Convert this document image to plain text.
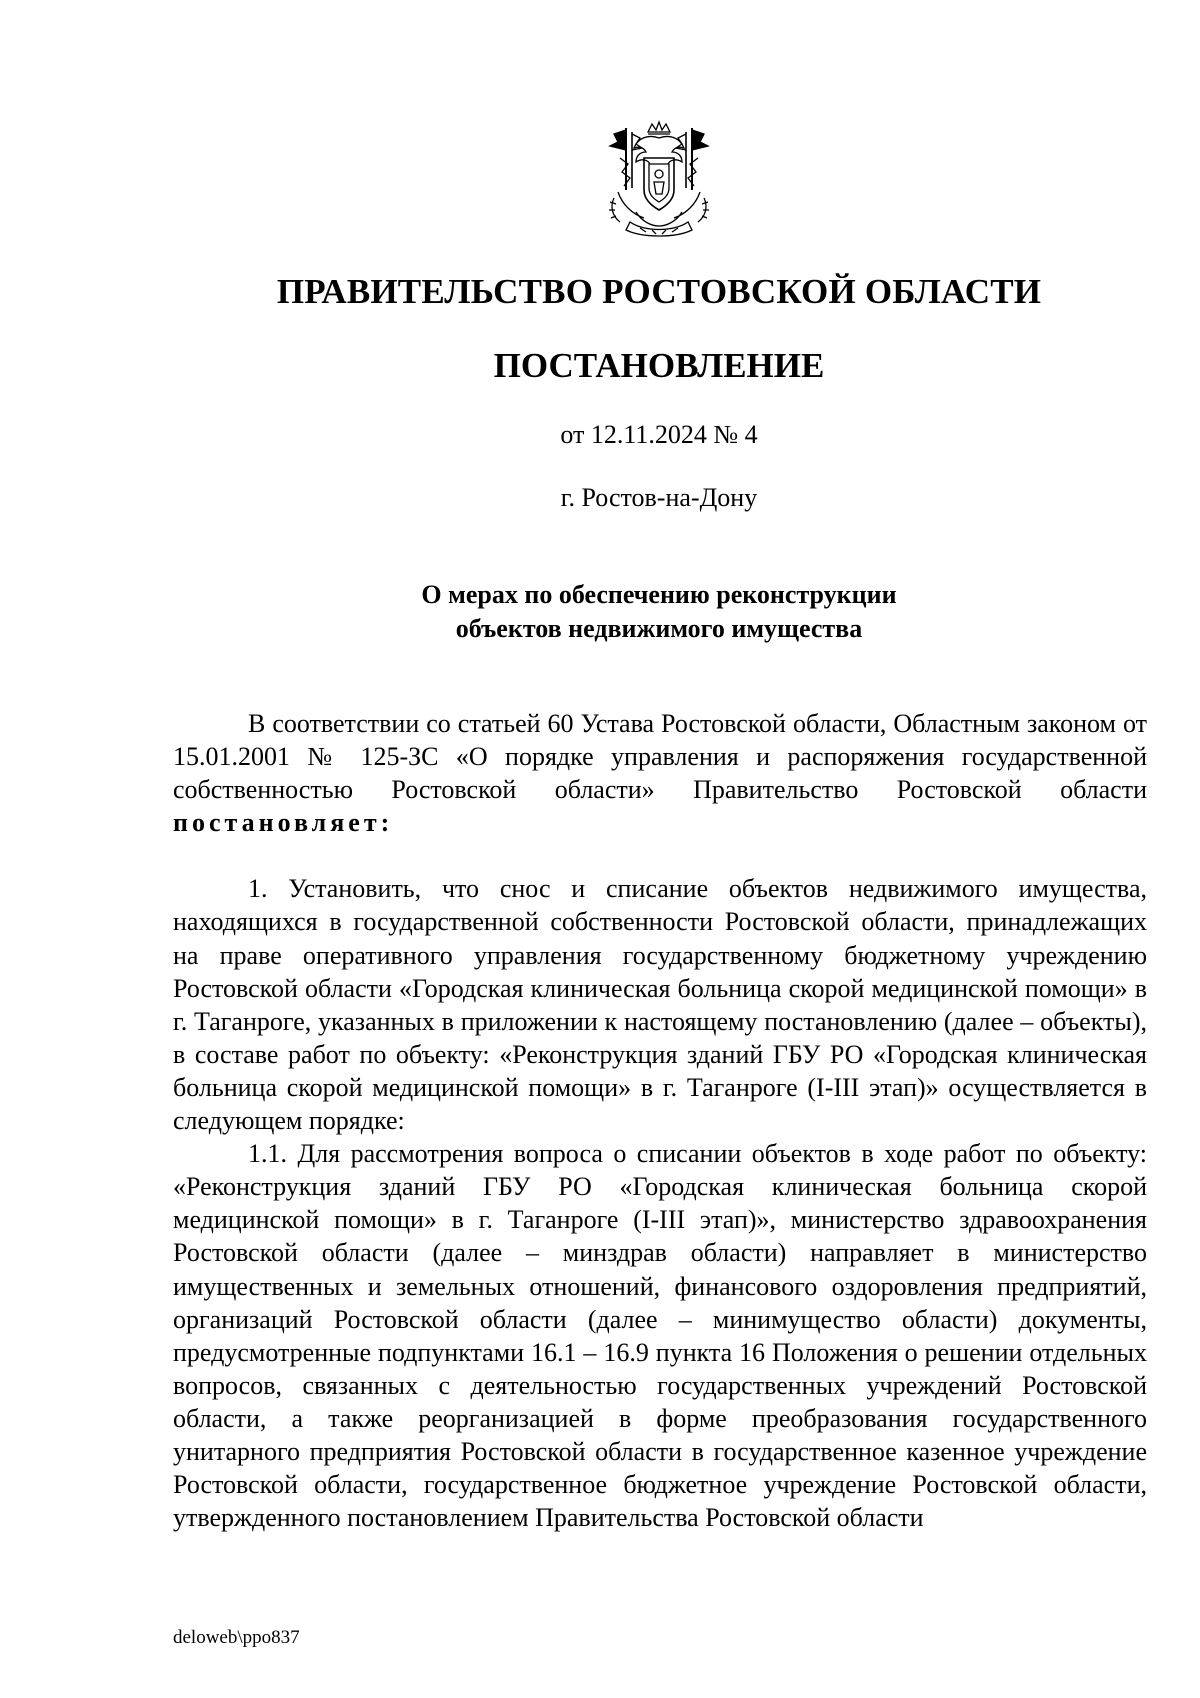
ПРАВИТЕЛЬСТВО РОСТОВСКОЙ ОБЛАСТИ
ПОСТАНОВЛЕНИЕ
от 12.11.2024 № 4
г. Ростов-на-Дону
О мерах по обеспечению реконструкции
объектов недвижимого имущества

В соответствии со статьей 60 Устава Ростовской области, Областным законом от 15.01.2001 № 125-ЗС «О порядке управления и распоряжения государственной собственностью Ростовской области» Правительство Ростовской области постановляет:

1. Установить, что снос и списание объектов недвижимого имущества, находящихся в государственной собственности Ростовской области, принадлежащих на праве оперативного управления государственному бюджетному учреждению Ростовской области «Городская клиническая больница скорой медицинской помощи» в г. Таганроге, указанных в приложении к настоящему постановлению (далее – объекты), в составе работ по объекту: «Реконструкция зданий ГБУ РО «Городская клиническая больница скорой медицинской помощи» в г. Таганроге (I-III этап)» осуществляется в следующем порядке:

1.1. Для рассмотрения вопроса о списании объектов в ходе работ по объекту: «Реконструкция зданий ГБУ РО «Городская клиническая больница скорой медицинской помощи» в г. Таганроге (I-III этап)», министерство здравоохранения Ростовской области (далее – минздрав области) направляет в министерство имущественных и земельных отношений, финансового оздоровления предприятий, организаций Ростовской области (далее – минимущество области) документы, предусмотренные подпунктами 16.1 – 16.9 пункта 16 Положения о решении отдельных вопросов, связанных с деятельностью государственных учреждений Ростовской области, а также реорганизацией в форме преобразования государственного унитарного предприятия Ростовской области в государственное казенное учреждение Ростовской области, государственное бюджетное учреждение Ростовской области, утвержденного постановлением Правительства Ростовской области

deloweb\ppo837
